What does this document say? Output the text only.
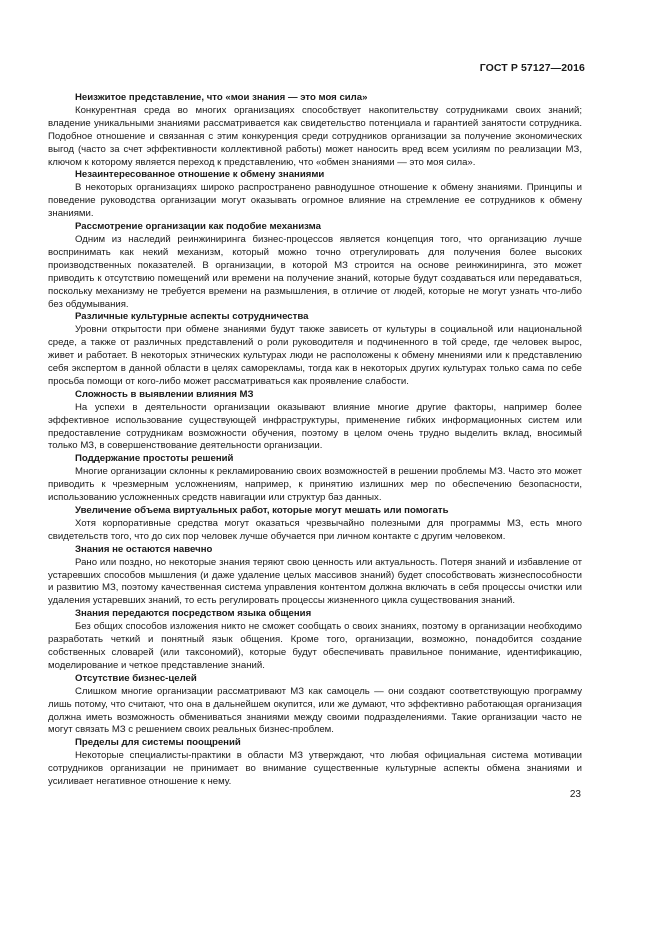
ГОСТ Р 57127—2016
Неизжитое представление, что «мои знания — это моя сила»

Конкурентная среда во многих организациях способствует накопительству сотрудниками своих знаний; владение уникальными знаниями рассматривается как свидетельство потенциала и гарантией занятости сотрудника. Подобное отношение и связанная с этим конкуренция среди сотрудников организации за получение экономических выгод (часто за счет эффективности коллективной работы) может наносить вред всем усилиям по реализации МЗ, ключом к которому является переход к представлению, что «обмен знаниями — это моя сила».

Незаинтересованное отношение к обмену знаниями

В некоторых организациях широко распространено равнодушное отношение к обмену знаниями. Принципы и поведение руководства организации могут оказывать огромное влияние на стремление ее сотрудников к обмену знаниями.

Рассмотрение организации как подобие механизма

Одним из наследий реинжиниринга бизнес-процессов является концепция того, что организацию лучше воспринимать как некий механизм, который можно точно отрегулировать для получения более высоких производственных показателей. В организации, в которой МЗ строится на основе реинжиниринга, это может приводить к отсутствию помещений или времени на получение знаний, которые будут создаваться или передаваться, поскольку механизму не требуется времени на размышления, в отличие от людей, которые не могут узнать что-либо без обдумывания.

Различные культурные аспекты сотрудничества

Уровни открытости при обмене знаниями будут также зависеть от культуры в социальной или национальной среде, а также от различных представлений о роли руководителя и подчиненного в той среде, где человек вырос, живет и работает. В некоторых этнических культурах люди не расположены к обмену мнениями или к представлению себя экспертом в данной области в целях саморекламы, тогда как в некоторых других культурах только сама по себе просьба помощи от кого-либо может рассматриваться как проявление слабости.

Сложность в выявлении влияния МЗ

На успехи в деятельности организации оказывают влияние многие другие факторы, например более эффективное использование существующей инфраструктуры, применение гибких информационных систем или предоставление сотрудникам возможности обучения, поэтому в целом очень трудно выделить вклад, вносимый только МЗ, в совершенствование деятельности организации.

Поддержание простоты решений

Многие организации склонны к рекламированию своих возможностей в решении проблемы МЗ. Часто это может приводить к чрезмерным усложнениям, например, к принятию излишних мер по обеспечению безопасности, использованию усложненных средств навигации или структур баз данных.

Увеличение объема виртуальных работ, которые могут мешать или помогать

Хотя корпоративные средства могут оказаться чрезвычайно полезными для программы МЗ, есть много свидетельств того, что до сих пор человек лучше обучается при личном контакте с другим человеком.

Знания не остаются навечно

Рано или поздно, но некоторые знания теряют свою ценность или актуальность. Потеря знаний и избавление от устаревших способов мышления (и даже удаление целых массивов знаний) будет способствовать жизнеспособности и развитию МЗ, поэтому качественная система управления контентом должна включать в себя процессы очистки или удаления устаревших знаний, то есть регулировать процессы жизненного цикла существования знаний.

Знания передаются посредством языка общения

Без общих способов изложения никто не сможет сообщать о своих знаниях, поэтому в организации необходимо разработать четкий и понятный язык общения. Кроме того, организации, возможно, понадобится создание собственных словарей (или таксономий), которые будут обеспечивать правильное понимание, идентификацию, моделирование и четкое представление знаний.

Отсутствие бизнес-целей

Слишком многие организации рассматривают МЗ как самоцель — они создают соответствующую программу лишь потому, что считают, что она в дальнейшем окупится, или же думают, что эффективно работающая организация должна иметь возможность обмениваться знаниями между своими подразделениями. Такие организации часто не могут связать МЗ с решением своих реальных бизнес-проблем.

Пределы для системы поощрений

Некоторые специалисты-практики в области МЗ утверждают, что любая официальная система мотивации сотрудников организации не принимает во внимание существенные культурные аспекты обмена знаниями и усиливает негативное отношение к нему.

23
